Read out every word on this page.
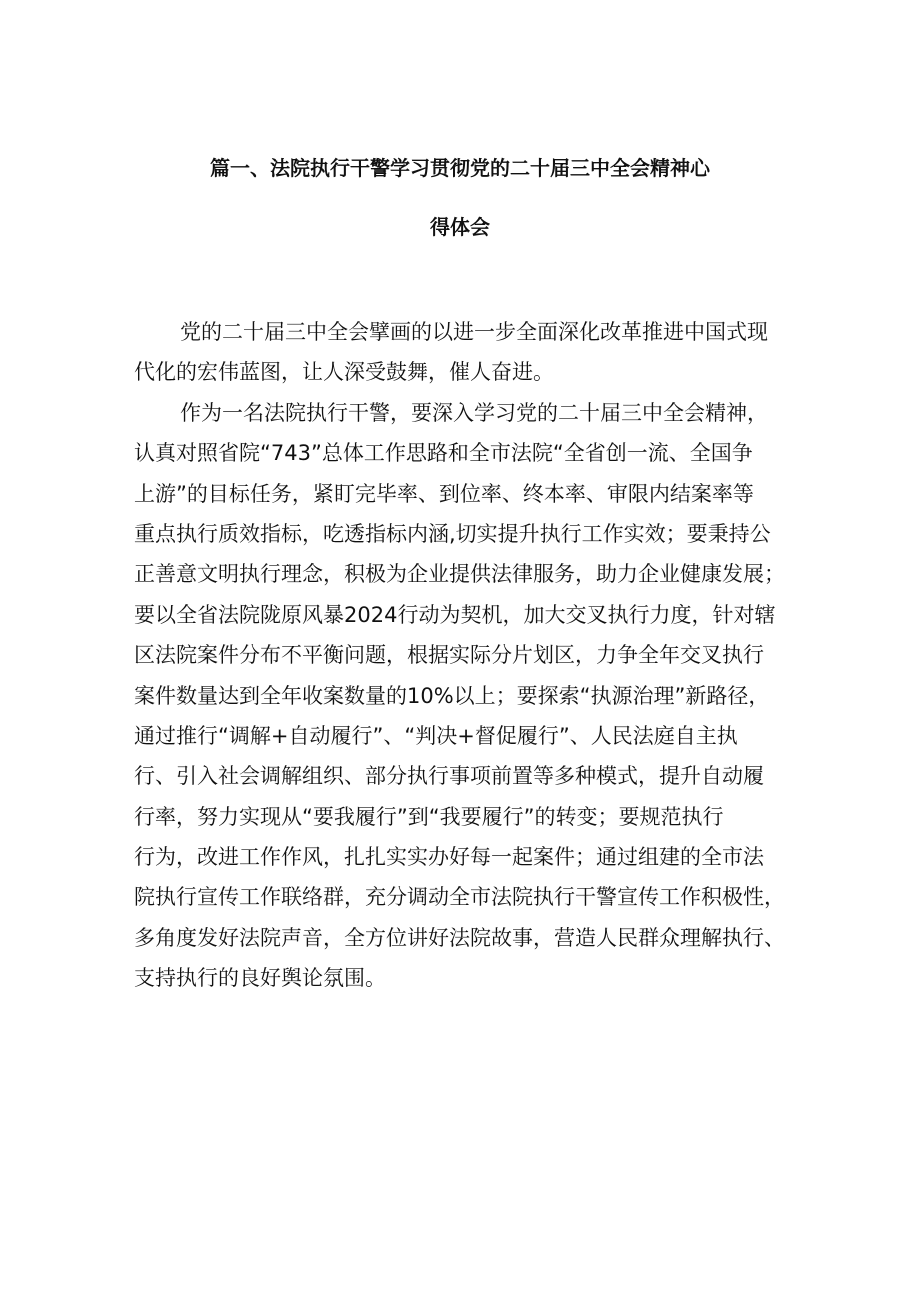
篇一、法院执行干警学习贯彻党的二十届三中全会精神心
得体会

党的二十届三中全会擘画的以进一步全面深化改革推进中国式现

代化的宏伟蓝图，让人深受鼓舞，催人奋进。

作为一名法院执行干警，要深入学习党的二十届三中全会精神，

认真对照省院“743”总体工作思路和全市法院“全省创一流、全国争

上游”的目标任务，紧盯完毕率、到位率、终本率、审限内结案率等

重点执行质效指标，吃透指标内涵,切实提升执行工作实效；要秉持公

正善意文明执行理念，积极为企业提供法律服务，助力企业健康发展；

要以全省法院陇原风暴2024行动为契机，加大交叉执行力度，针对辖

区法院案件分布不平衡问题，根据实际分片划区，力争全年交叉执行

案件数量达到全年收案数量的10%以上；要探索“执源治理”新路径，

通过推行“调解+自动履行”、“判决+督促履行”、人民法庭自主执

行、引入社会调解组织、部分执行事项前置等多种模式，提升自动履

行率，努力实现从“要我履行”到“我要履行”的转变；要规范执行

行为，改进工作作风，扎扎实实办好每一起案件；通过组建的全市法

院执行宣传工作联络群，充分调动全市法院执行干警宣传工作积极性，

多角度发好法院声音，全方位讲好法院故事，营造人民群众理解执行、

支持执行的良好舆论氛围。
